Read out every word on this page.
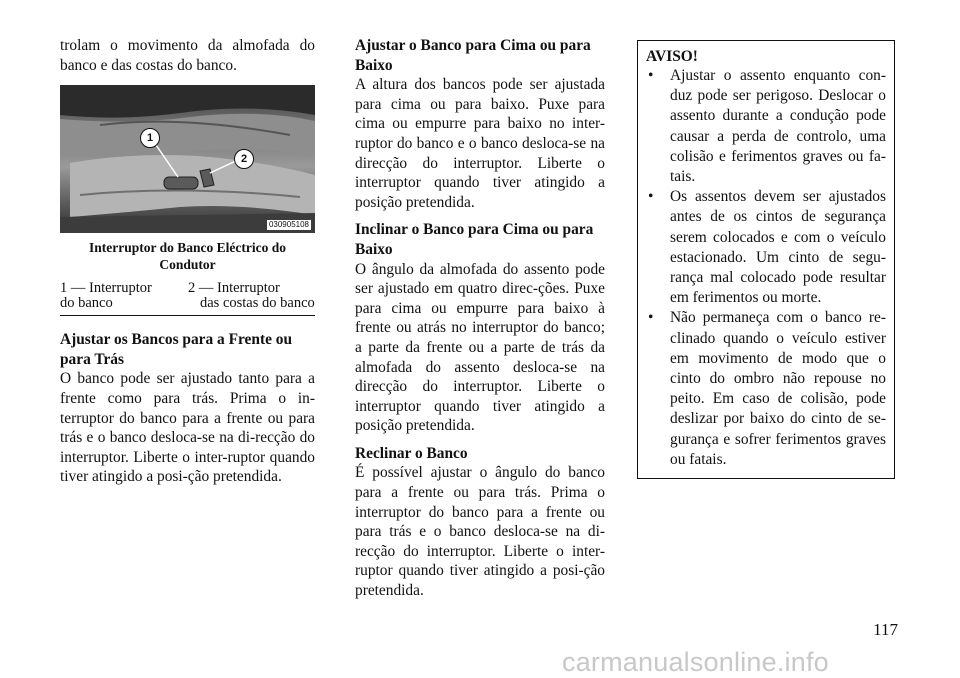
trolam o movimento da almofada do banco e das costas do banco.

1
2
030905108
Interruptor do Banco Eléctrico do Condutor
1 — Interruptor
do banco
2 — Interruptor
das costas do banco

Ajustar os Bancos para a Frente ou para Trás

O banco pode ser ajustado tanto para a frente como para trás. Prima o in-terruptor do banco para a frente ou para trás e o banco desloca-se na di-recção do interruptor. Liberte o inter-ruptor quando tiver atingido a posi-ção pretendida.

Ajustar o Banco para Cima ou para Baixo

A altura dos bancos pode ser ajustada para cima ou para baixo. Puxe para cima ou empurre para baixo no inter-ruptor do banco e o banco desloca-se na direcção do interruptor. Liberte o interruptor quando tiver atingido a posição pretendida.

Inclinar o Banco para Cima ou para Baixo

O ângulo da almofada do assento pode ser ajustado em quatro direc-ções. Puxe para cima ou empurre para baixo à frente ou atrás no interruptor do banco; a parte da frente ou a parte de trás da almofada do assento desloca-se na direcção do interruptor. Liberte o interruptor quando tiver atingido a posição pretendida.

Reclinar o Banco

É possível ajustar o ângulo do banco para a frente ou para trás. Prima o interruptor do banco para a frente ou para trás e o banco desloca-se na di-recção do interruptor. Liberte o inter-ruptor quando tiver atingido a posi-ção pretendida.

AVISO!
• Ajustar o assento enquanto con-duz pode ser perigoso. Deslocar o assento durante a condução pode causar a perda de controlo, uma colisão e ferimentos graves ou fa-tais.
• Os assentos devem ser ajustados antes de os cintos de segurança serem colocados e com o veículo estacionado. Um cinto de segu-rança mal colocado pode resultar em ferimentos ou morte.
• Não permaneça com o banco re-clinado quando o veículo estiver em movimento de modo que o cinto do ombro não repouse no peito. Em caso de colisão, pode deslizar por baixo do cinto de se-gurança e sofrer ferimentos graves ou fatais.
117
carmanualsonline.info
